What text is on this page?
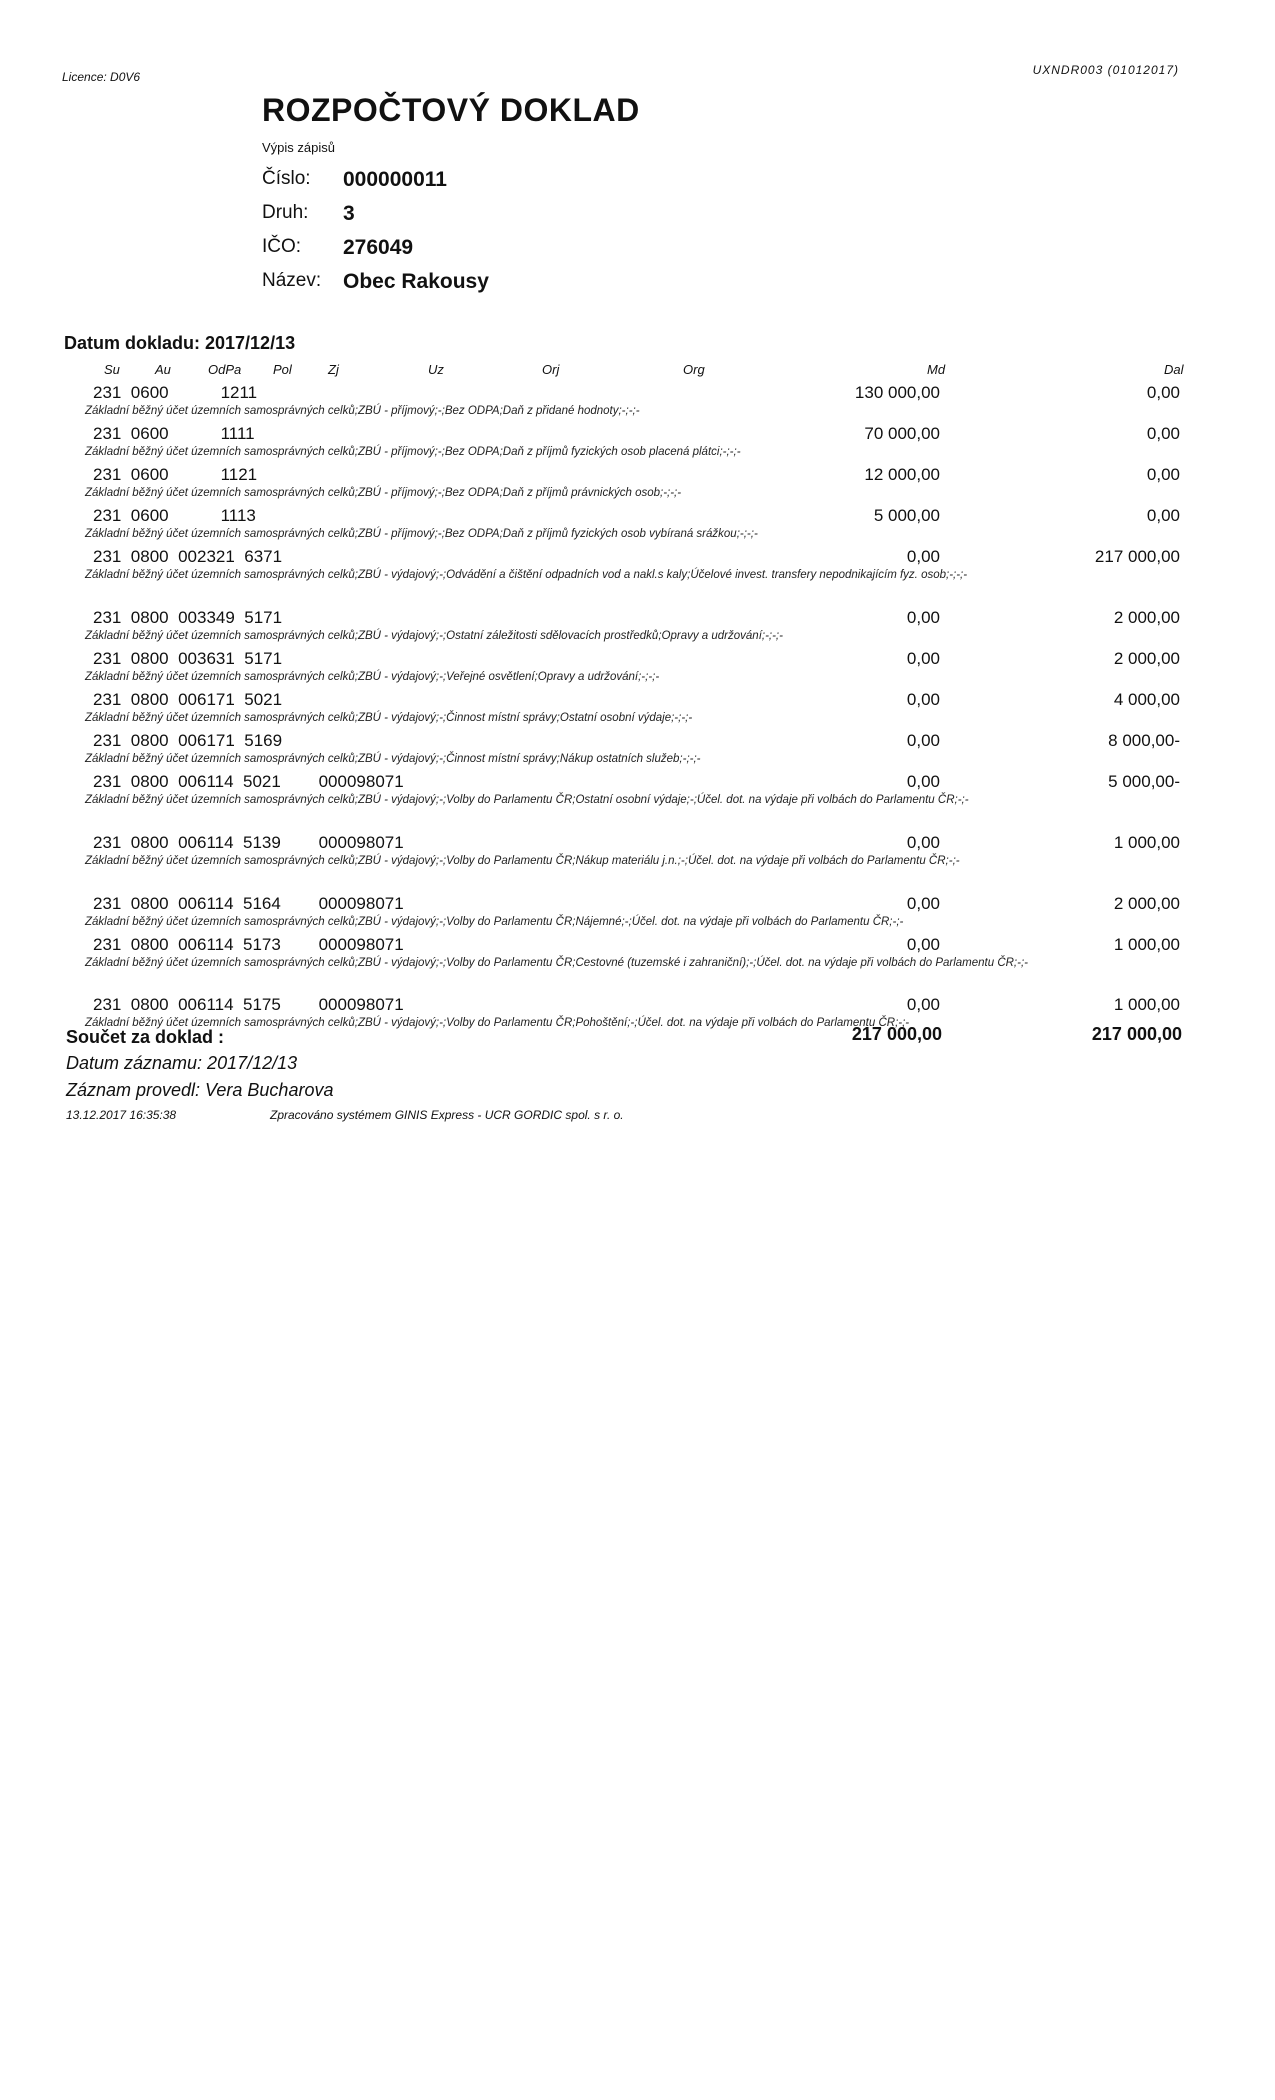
Licence: D0V6	UXNDR003 (01012017)
ROZPOČTOVÝ DOKLAD
Výpis zápisů
Číslo: 000000011
Druh: 3
IČO: 276049
Název: Obec Rakousy
Datum dokladu: 2017/12/13
Su	Au	OdPa Pol	Zj	Uz	Orj	Org	Md	Dal
231  0600           1211	130 000,00	0,00
Základní běžný účet územních samosprávných celků;ZBÚ - příjmový;-;Bez ODPA;Daň z přidané hodnoty;-;-;-
231  0600           1111	70 000,00	0,00
Základní běžný účet územních samosprávných celků;ZBÚ - příjmový;-;Bez ODPA;Daň z příjmů fyzických osob placená plátci;-;-;-
231  0600           1121	12 000,00	0,00
Základní běžný účet územních samosprávných celků;ZBÚ - příjmový;-;Bez ODPA;Daň z příjmů právnických osob;-;-;-
231  0600           1113	5 000,00	0,00
Základní běžný účet územních samosprávných celků;ZBÚ - příjmový;-;Bez ODPA;Daň z příjmů fyzických osob vybíraná srážkou;-;-;-
231  0800  002321  6371	0,00	217 000,00
Základní běžný účet územních samosprávných celků;ZBÚ - výdajový;-;Odvádění a čištění odpadních vod a nakl.s kaly;Účelové invest. transfery nepodnikajícím fyz. osob;-;-;-
231  0800  003349  5171	0,00	2 000,00
Základní běžný účet územních samosprávných celků;ZBÚ - výdajový;-;Ostatní záležitosti sdělovacích prostředků;Opravy a udržování;-;-;-
231  0800  003631  5171	0,00	2 000,00
Základní běžný účet územních samosprávných celků;ZBÚ - výdajový;-;Veřejné osvětlení;Opravy a udržování;-;-;-
231  0800  006171  5021	0,00	4 000,00
Základní běžný účet územních samosprávných celků;ZBÚ - výdajový;-;Činnost místní správy;Ostatní osobní výdaje;-;-;-
231  0800  006171  5169	0,00	8 000,00-
Základní běžný účet územních samosprávných celků;ZBÚ - výdajový;-;Činnost místní správy;Nákup ostatních služeb;-;-;-
231  0800  006114  5021        000098071	0,00	5 000,00-
Základní běžný účet územních samosprávných celků;ZBÚ - výdajový;-;Volby do Parlamentu ČR;Ostatní osobní výdaje;-;Účel. dot. na výdaje při volbách do Parlamentu ČR;-;-
231  0800  006114  5139        000098071	0,00	1 000,00
Základní běžný účet územních samosprávných celků;ZBÚ - výdajový;-;Volby do Parlamentu ČR;Nákup materiálu j.n.;-;Účel. dot. na výdaje při volbách do Parlamentu ČR;-;-
231  0800  006114  5164        000098071	0,00	2 000,00
Základní běžný účet územních samosprávných celků;ZBÚ - výdajový;-;Volby do Parlamentu ČR;Nájemné;-;Účel. dot. na výdaje při volbách do Parlamentu ČR;-;-
231  0800  006114  5173        000098071	0,00	1 000,00
Základní běžný účet územních samosprávných celků;ZBÚ - výdajový;-;Volby do Parlamentu ČR;Cestovné (tuzemské i zahraniční);-;Účel. dot. na výdaje při volbách do Parlamentu ČR;-;-
231  0800  006114  5175        000098071	0,00	1 000,00
Základní běžný účet územních samosprávných celků;ZBÚ - výdajový;-;Volby do Parlamentu ČR;Pohoštění;-;Účel. dot. na výdaje při volbách do Parlamentu ČR;-;-
Součet za doklad :	217 000,00	217 000,00
Datum záznamu: 2017/12/13
Záznam provedl: Vera Bucharova
13.12.2017 16:35:38	Zpracováno systémem GINIS Express - UCR GORDIC spol. s r. o.
